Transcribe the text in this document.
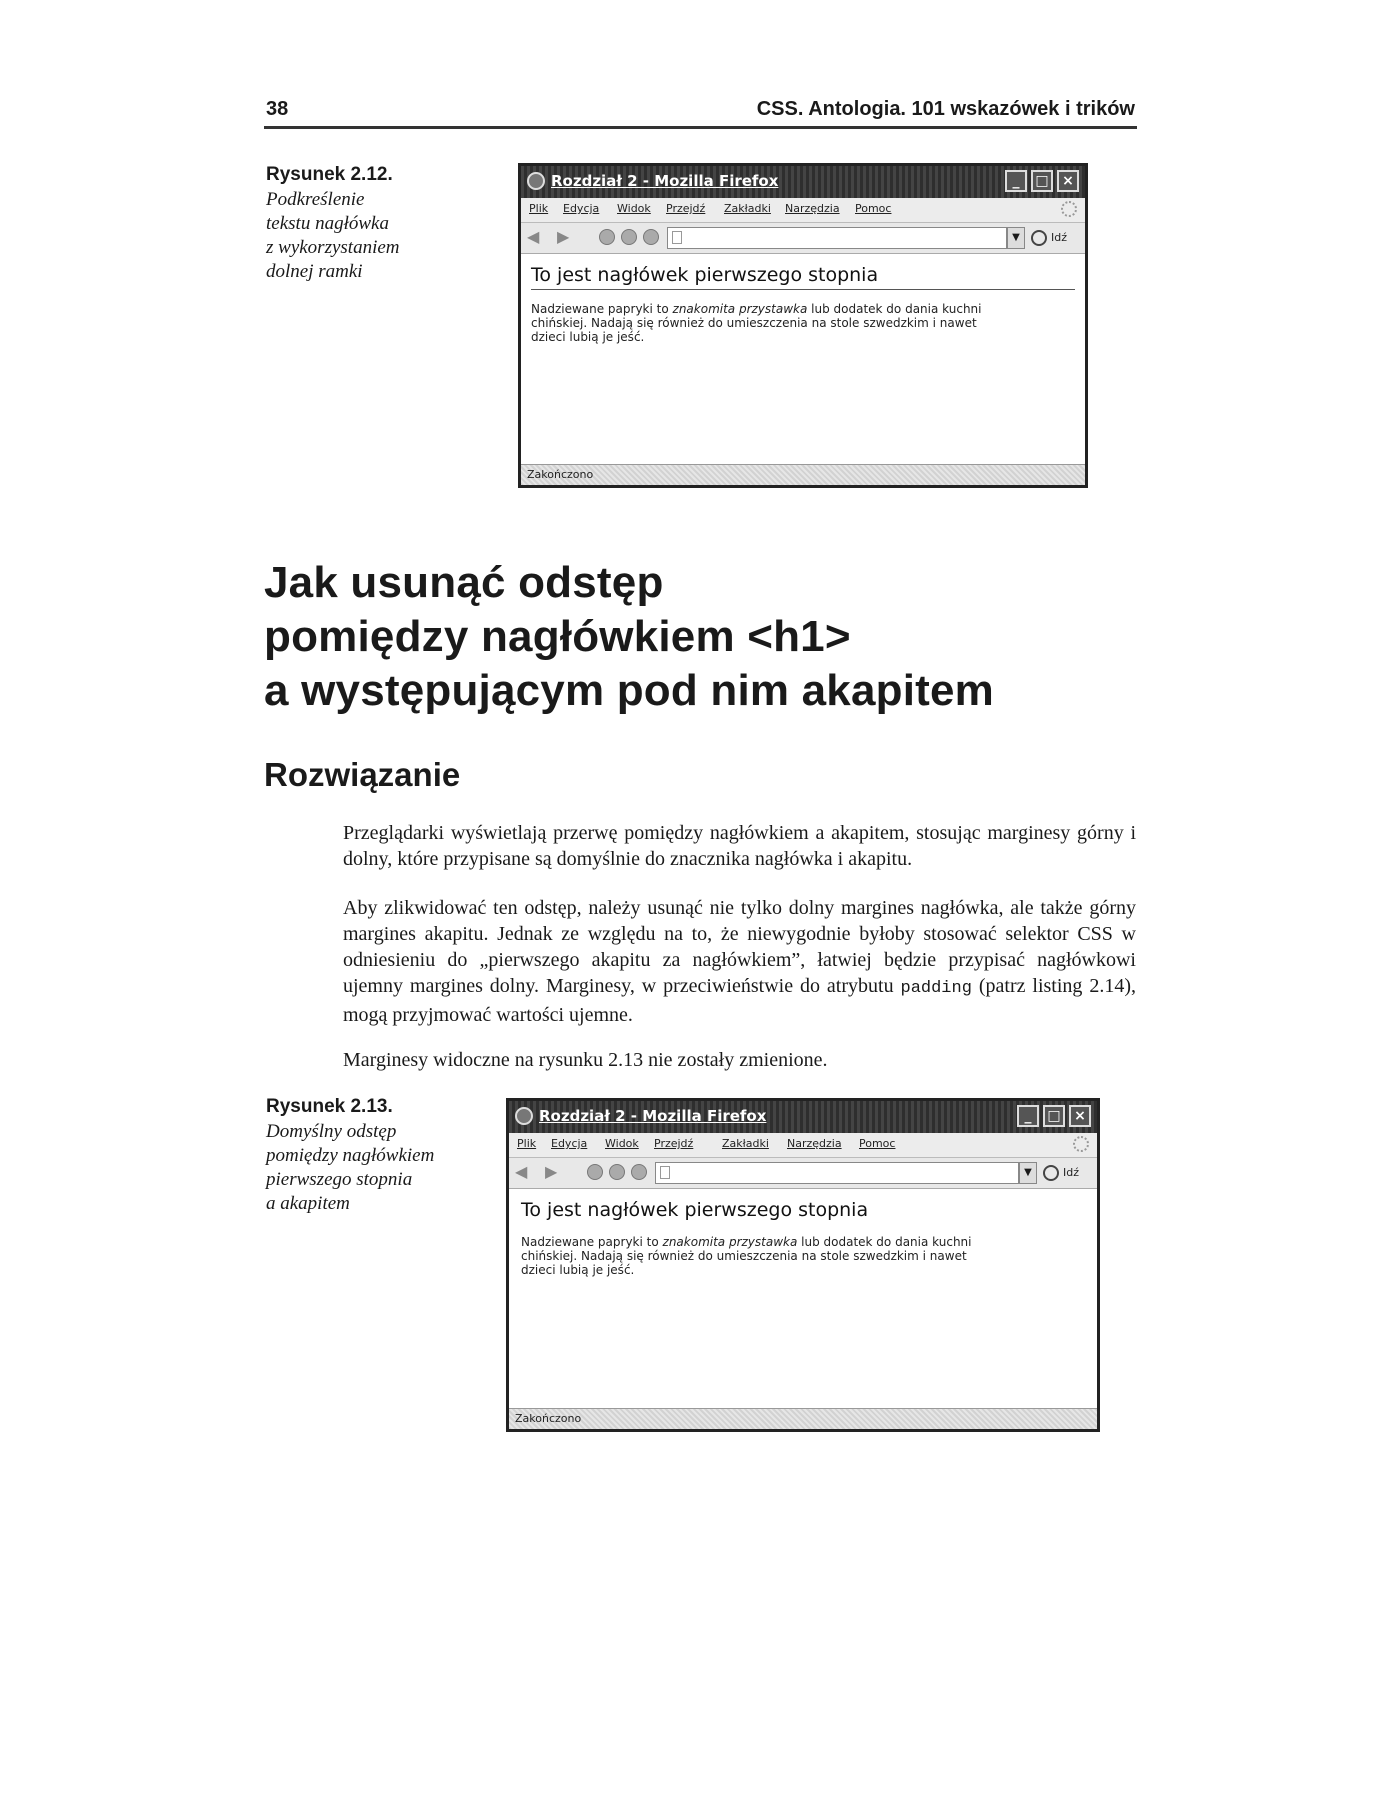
38	CSS. Antologia. 101 wskazówek i trików
Rysunek 2.12.
Podkreślenie
tekstu nagłówka
z wykorzystaniem
dolnej ramki
Rozdział 2 - Mozilla Firefox	_	□ ×
Plik Edycja Widok Przejdź Zakładki Narzędzia Pomoc
◀ ▶	▼	Idź
To jest nagłówek pierwszego stopnia
Nadziewane papryki to znakomita przystawka lub dodatek do dania kuchni
chińskiej. Nadają się również do umieszczenia na stole szwedzkim i nawet
dzieci lubią je jeść.
Zakończono
Jak usunąć odstęp
pomiędzy nagłówkiem <h1>
a występującym pod nim akapitem
Rozwiązanie

Przeglądarki wyświetlają przerwę pomiędzy nagłówkiem a akapitem, stosując marginesy górny i dolny, które przypisane są domyślnie do znacznika nagłówka i akapitu.

Aby zlikwidować ten odstęp, należy usunąć nie tylko dolny margines nagłówka, ale także górny margines akapitu. Jednak ze względu na to, że niewygodnie byłoby stosować selektor CSS w odniesieniu do „pierwszego akapitu za nagłówkiem”, łatwiej będzie przypisać nagłówkowi ujemny margines dolny. Marginesy, w przeciwieństwie do atrybutu padding (patrz listing 2.14), mogą przyjmować wartości ujemne.

Marginesy widoczne na rysunku 2.13 nie zostały zmienione.

Rysunek 2.13.
Domyślny odstęp
pomiędzy nagłówkiem
pierwszego stopnia
a akapitem
Rozdział 2 - Mozilla Firefox	_	□ ×
Plik Edycja Widok Przejdź	Zakładki Narzędzia Pomoc
◀ ▶	▼	Idź
To jest nagłówek pierwszego stopnia
Nadziewane papryki to znakomita przystawka lub dodatek do dania kuchni
chińskiej. Nadają się również do umieszczenia na stole szwedzkim i nawet
dzieci lubią je jeść.
Zakończono
